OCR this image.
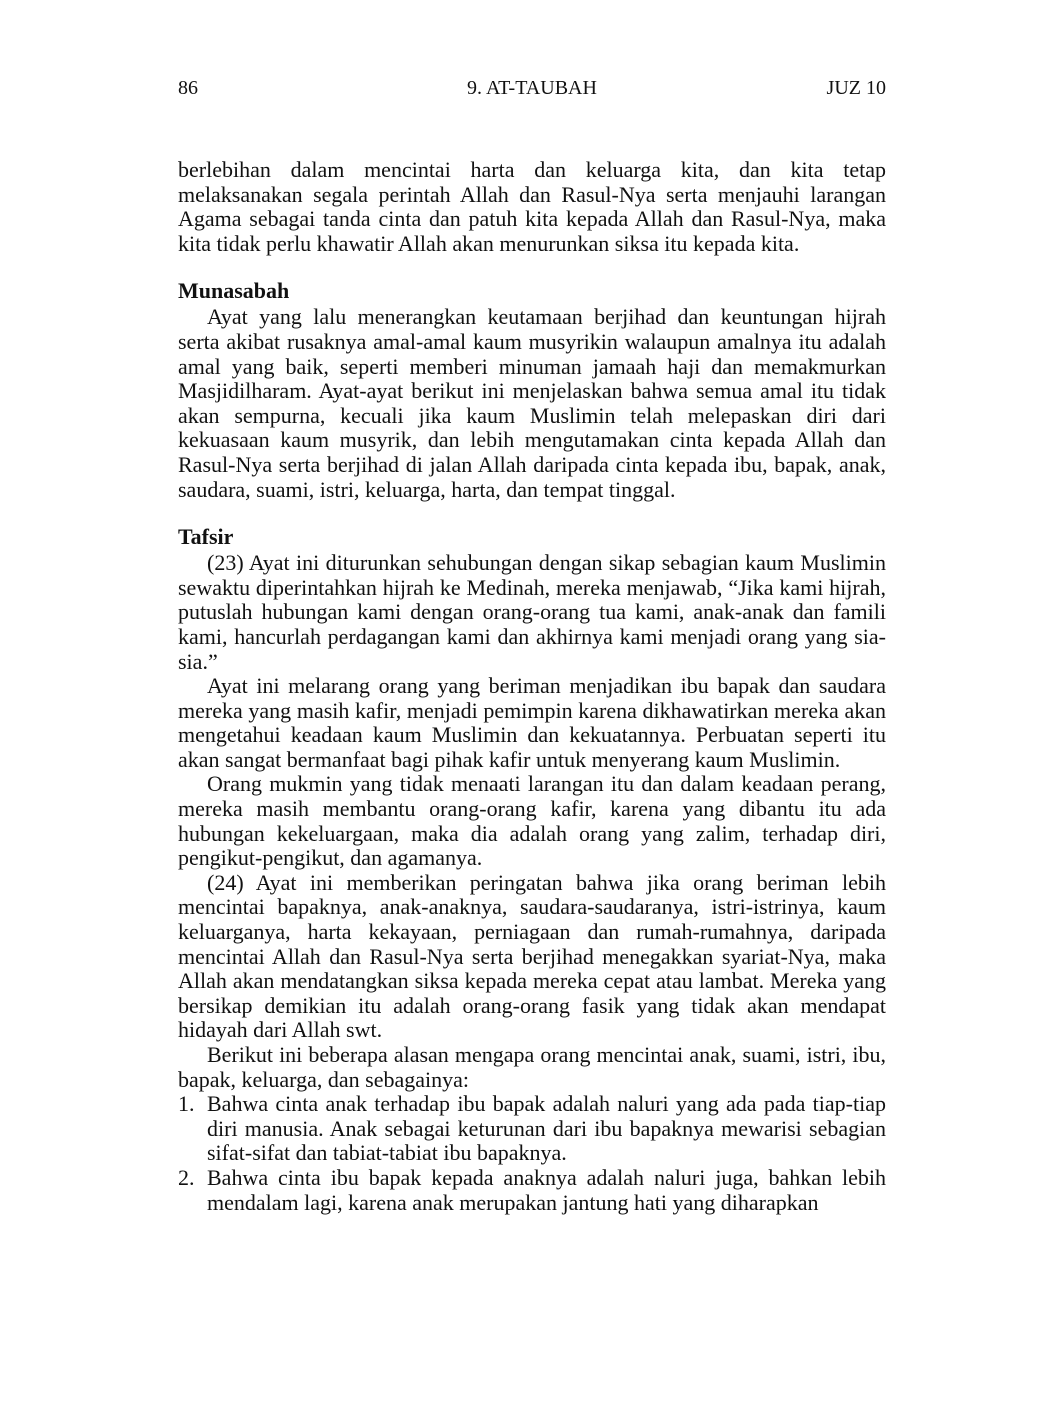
86	9. AT-TAUBAH	JUZ 10

berlebihan dalam mencintai harta dan keluarga kita, dan kita tetap melaksanakan segala perintah Allah dan Rasul-Nya serta menjauhi larangan Agama sebagai tanda cinta dan patuh kita kepada Allah dan Rasul-Nya, maka kita tidak perlu khawatir Allah akan menurunkan siksa itu kepada kita.

Munasabah

Ayat yang lalu menerangkan keutamaan berjihad dan keuntungan hijrah serta akibat rusaknya amal-amal kaum musyrikin walaupun amalnya itu adalah amal yang baik, seperti memberi minuman jamaah haji dan memakmurkan Masjidilharam. Ayat-ayat berikut ini menjelaskan bahwa semua amal itu tidak akan sempurna, kecuali jika kaum Muslimin telah melepaskan diri dari kekuasaan kaum musyrik, dan lebih mengutamakan cinta kepada Allah dan Rasul-Nya serta berjihad di jalan Allah daripada cinta kepada ibu, bapak, anak, saudara, suami, istri, keluarga, harta, dan tempat tinggal.

Tafsir

(23) Ayat ini diturunkan sehubungan dengan sikap sebagian kaum Muslimin sewaktu diperintahkan hijrah ke Medinah, mereka menjawab, “Jika kami hijrah, putuslah hubungan kami dengan orang-orang tua kami, anak-anak dan famili kami, hancurlah perdagangan kami dan akhirnya kami menjadi orang yang sia-sia.”

Ayat ini melarang orang yang beriman menjadikan ibu bapak dan saudara mereka yang masih kafir, menjadi pemimpin karena dikhawatirkan mereka akan mengetahui keadaan kaum Muslimin dan kekuatannya. Perbuatan seperti itu akan sangat bermanfaat bagi pihak kafir untuk menyerang kaum Muslimin.

Orang mukmin yang tidak menaati larangan itu dan dalam keadaan perang, mereka masih membantu orang-orang kafir, karena yang dibantu itu ada hubungan kekeluargaan, maka dia adalah orang yang zalim, terhadap diri, pengikut-pengikut, dan agamanya.

(24) Ayat ini memberikan peringatan bahwa jika orang beriman lebih mencintai bapaknya, anak-anaknya, saudara-saudaranya, istri-istrinya, kaum keluarganya, harta kekayaan, perniagaan dan rumah-rumahnya, daripada mencintai Allah dan Rasul-Nya serta berjihad menegakkan syariat-Nya, maka Allah akan mendatangkan siksa kepada mereka cepat atau lambat. Mereka yang bersikap demikian itu adalah orang-orang fasik yang tidak akan mendapat hidayah dari Allah swt.

Berikut ini beberapa alasan mengapa orang mencintai anak, suami, istri, ibu, bapak, keluarga, dan sebagainya:

1. Bahwa cinta anak terhadap ibu bapak adalah naluri yang ada pada tiap-tiap diri manusia. Anak sebagai keturunan dari ibu bapaknya mewarisi sebagian sifat-sifat dan tabiat-tabiat ibu bapaknya.
2. Bahwa cinta ibu bapak kepada anaknya adalah naluri juga, bahkan lebih mendalam lagi, karena anak merupakan jantung hati yang diharapkan
